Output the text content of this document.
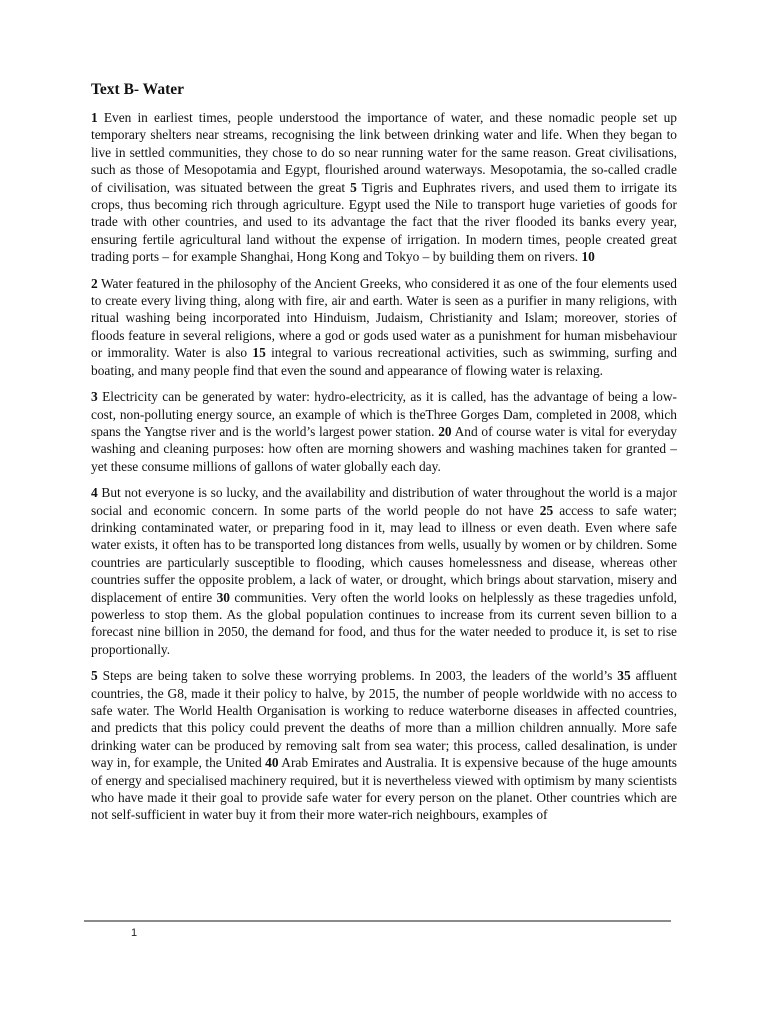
Text B- Water

1 Even in earliest times, people understood the importance of water, and these nomadic people set up temporary shelters near streams, recognising the link between drinking water and life. When they began to live in settled communities, they chose to do so near running water for the same reason. Great civilisations, such as those of Mesopotamia and Egypt, flourished around waterways. Mesopotamia, the so-called cradle of civilisation, was situated between the great 5 Tigris and Euphrates rivers, and used them to irrigate its crops, thus becoming rich through agriculture. Egypt used the Nile to transport huge varieties of goods for trade with other countries, and used to its advantage the fact that the river flooded its banks every year, ensuring fertile agricultural land without the expense of irrigation. In modern times, people created great trading ports – for example Shanghai, Hong Kong and Tokyo – by building them on rivers. 10

2 Water featured in the philosophy of the Ancient Greeks, who considered it as one of the four elements used to create every living thing, along with fire, air and earth. Water is seen as a purifier in many religions, with ritual washing being incorporated into Hinduism, Judaism, Christianity and Islam; moreover, stories of floods feature in several religions, where a god or gods used water as a punishment for human misbehaviour or immorality. Water is also 15 integral to various recreational activities, such as swimming, surfing and boating, and many people find that even the sound and appearance of flowing water is relaxing.

3 Electricity can be generated by water: hydro-electricity, as it is called, has the advantage of being a low-cost, non-polluting energy source, an example of which is theThree Gorges Dam, completed in 2008, which spans the Yangtse river and is the world’s largest power station. 20 And of course water is vital for everyday washing and cleaning purposes: how often are morning showers and washing machines taken for granted – yet these consume millions of gallons of water globally each day.

4 But not everyone is so lucky, and the availability and distribution of water throughout the world is a major social and economic concern. In some parts of the world people do not have 25 access to safe water; drinking contaminated water, or preparing food in it, may lead to illness or even death. Even where safe water exists, it often has to be transported long distances from wells, usually by women or by children. Some countries are particularly susceptible to flooding, which causes homelessness and disease, whereas other countries suffer the opposite problem, a lack of water, or drought, which brings about starvation, misery and displacement of entire 30 communities. Very often the world looks on helplessly as these tragedies unfold, powerless to stop them. As the global population continues to increase from its current seven billion to a forecast nine billion in 2050, the demand for food, and thus for the water needed to produce it, is set to rise proportionally.

5 Steps are being taken to solve these worrying problems. In 2003, the leaders of the world’s 35 affluent countries, the G8, made it their policy to halve, by 2015, the number of people worldwide with no access to safe water. The World Health Organisation is working to reduce waterborne diseases in affected countries, and predicts that this policy could prevent the deaths of more than a million children annually. More safe drinking water can be produced by removing salt from sea water; this process, called desalination, is under way in, for example, the United 40 Arab Emirates and Australia. It is expensive because of the huge amounts of energy and specialised machinery required, but it is nevertheless viewed with optimism by many scientists who have made it their goal to provide safe water for every person on the planet. Other countries which are not self-sufficient in water buy it from their more water-rich neighbours, examples of

1
